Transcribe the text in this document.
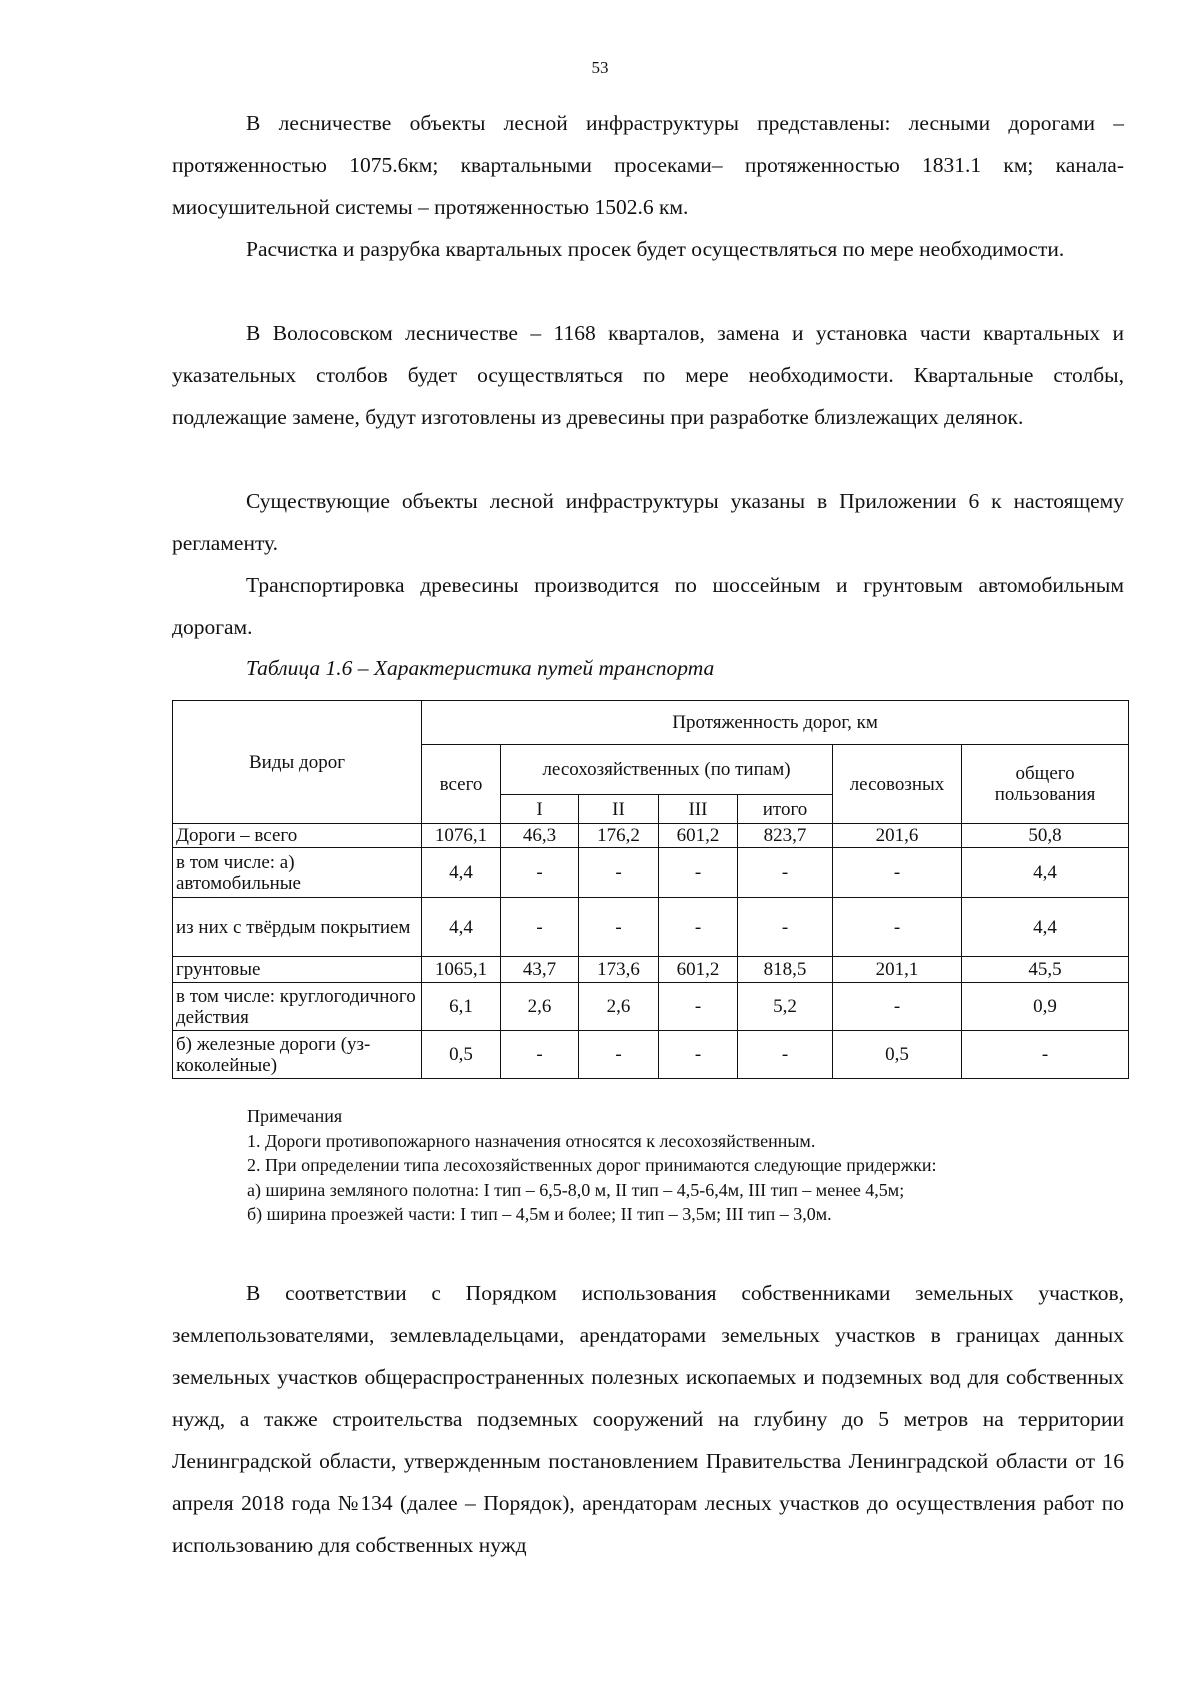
53

В лесничестве объекты лесной инфраструктуры представлены: лесными дорогами – протяженностью 1075.6км; квартальными просеками– протяженностью 1831.1 км; каналамиосушительной системы – протяженностью 1502.6 км.

Расчистка и разрубка квартальных просек будет осуществляться по мере необходимости.

В Волосовском лесничестве – 1168 кварталов, замена и установка части квартальных и указательных столбов будет осуществляться по мере необходимости. Квартальные столбы, подлежащие замене, будут изготовлены из древесины при разработке близлежащих делянок.

Существующие объекты лесной инфраструктуры указаны в Приложении 6 к настоящему регламенту.

Транспортировка древесины производится по шоссейным и грунтовым автомобильным дорогам.

Таблица 1.6 – Характеристика путей транспорта

Виды дорог	Протяженность дорог, км						
	всего	лесохозяйственных (по типам)				лесовозных	общего пользования
		I	II	III	итого		
Дороги – всего	1076,1	46,3	176,2	601,2	823,7	201,6	50,8
в том числе: а) автомобильные	4,4	-	-	-	-	-	4,4
из них с твёрдым покрытием	4,4	-	-	-	-	-	4,4
грунтовые	1065,1	43,7	173,6	601,2	818,5	201,1	45,5
в том числе: круглогодичного действия	6,1	2,6	2,6	-	5,2	-	0,9
б) железные дороги (узкоколейные)	0,5	-	-	-	-	0,5	-
Примечания
1. Дороги противопожарного назначения относятся к лесохозяйственным.
2. При определении типа лесохозяйственных дорог принимаются следующие придержки:
а) ширина земляного полотна: I тип – 6,5-8,0 м, II тип – 4,5-6,4м, III тип – менее 4,5м;
б) ширина проезжей части: I тип – 4,5м и более; II тип – 3,5м; III тип – 3,0м.

В соответствии с Порядком использования собственниками земельных участков, землепользователями, землевладельцами, арендаторами земельных участков в границах данных земельных участков общераспространенных полезных ископаемых и подземных вод для собственных нужд, а также строительства подземных сооружений на глубину до 5 метров на территории Ленинградской области, утвержденным постановлением Правительства Ленинградской области от 16 апреля 2018 года №134 (далее – Порядок), арендаторам лесных участков до осуществления работ по использованию для собственных нужд
